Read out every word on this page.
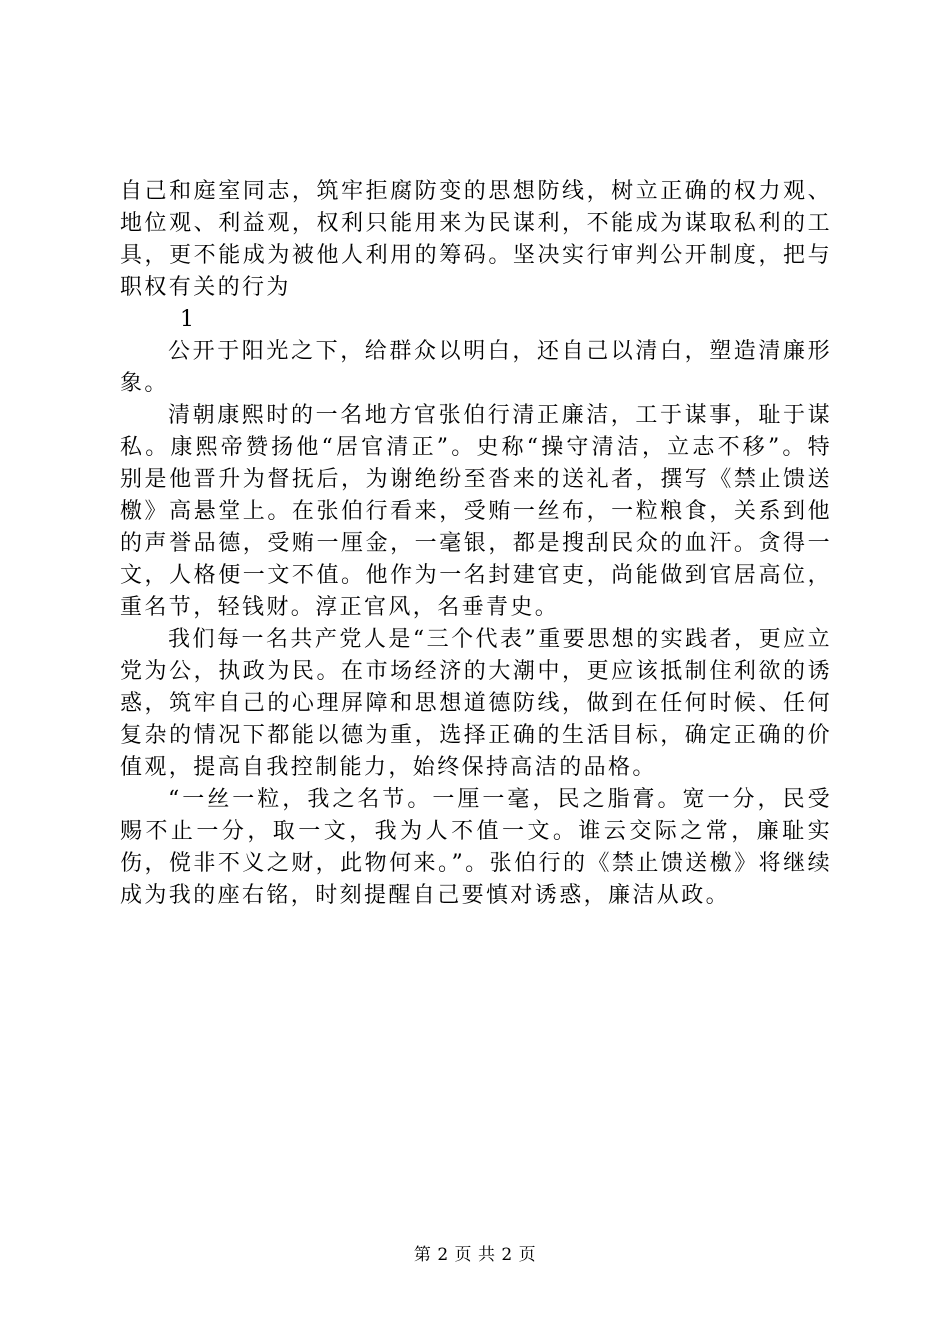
自己和庭室同志，筑牢拒腐防变的思想防线，树立正确的权力观、地位观、利益观，权利只能用来为民谋利，不能成为谋取私利的工具，更不能成为被他人利用的筹码。坚决实行审判公开制度，把与职权有关的行为

1

公开于阳光之下，给群众以明白，还自己以清白，塑造清廉形象。

清朝康熙时的一名地方官张伯行清正廉洁，工于谋事，耻于谋私。康熙帝赞扬他“居官清正”。史称“操守清洁，立志不移”。特别是他晋升为督抚后，为谢绝纷至沓来的送礼者，撰写《禁止馈送檄》高悬堂上。在张伯行看来，受贿一丝布，一粒粮食，关系到他的声誉品德，受贿一厘金，一毫银，都是搜刮民众的血汗。贪得一文，人格便一文不值。他作为一名封建官吏，尚能做到官居高位，重名节，轻钱财。淳正官风，名垂青史。

我们每一名共产党人是“三个代表”重要思想的实践者，更应立党为公，执政为民。在市场经济的大潮中，更应该抵制住利欲的诱惑，筑牢自己的心理屏障和思想道德防线，做到在任何时候、任何复杂的情况下都能以德为重，选择正确的生活目标，确定正确的价值观，提高自我控制能力，始终保持高洁的品格。

“一丝一粒，我之名节。一厘一毫，民之脂膏。宽一分，民受赐不止一分，取一文，我为人不值一文。谁云交际之常，廉耻实伤，傥非不义之财，此物何来。”。张伯行的《禁止馈送檄》将继续成为我的座右铭，时刻提醒自己要慎对诱惑，廉洁从政。

第 2 页 共 2 页
